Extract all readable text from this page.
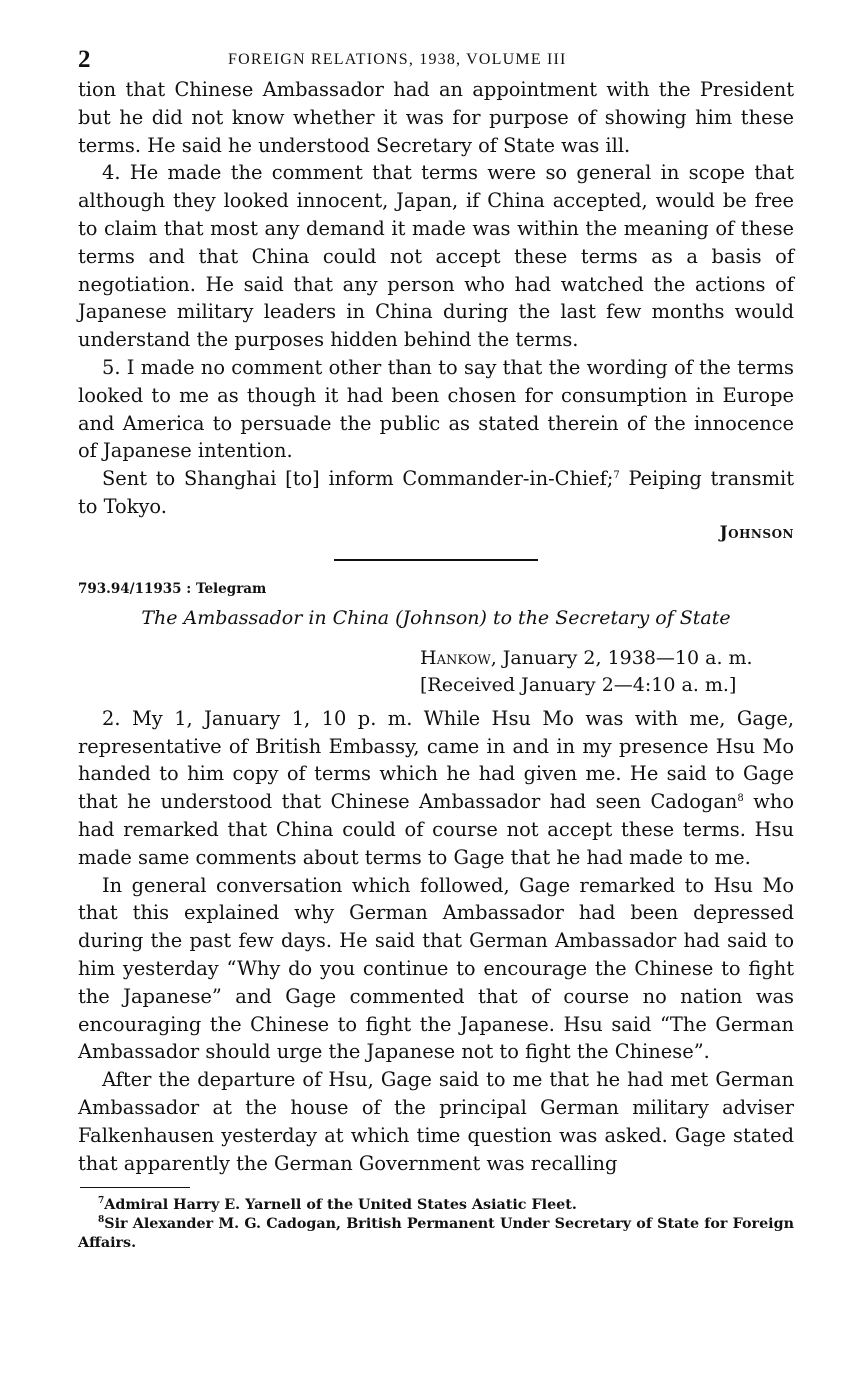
2	FOREIGN RELATIONS, 1938, VOLUME III

tion that Chinese Ambassador had an appointment with the President but he did not know whether it was for purpose of showing him these terms. He said he understood Secretary of State was ill.

4. He made the comment that terms were so general in scope that although they looked innocent, Japan, if China accepted, would be free to claim that most any demand it made was within the meaning of these terms and that China could not accept these terms as a basis of negotiation. He said that any person who had watched the actions of Japanese military leaders in China during the last few months would understand the purposes hidden behind the terms.

5. I made no comment other than to say that the wording of the terms looked to me as though it had been chosen for consumption in Europe and America to persuade the public as stated therein of the innocence of Japanese intention.

Sent to Shanghai [to] inform Commander-in-Chief;$^7$ Peiping transmit to Tokyo.

Johnson

793.94/11935 : Telegram

The Ambassador in China (Johnson) to the Secretary of State

Hankow, January 2, 1938—10 a. m.
[Received January 2—4:10 a. m.]

2. My 1, January 1, 10 p. m. While Hsu Mo was with me, Gage, representative of British Embassy, came in and in my presence Hsu Mo handed to him copy of terms which he had given me. He said to Gage that he understood that Chinese Ambassador had seen Cadogan$^8$ who had remarked that China could of course not accept these terms. Hsu made same comments about terms to Gage that he had made to me.

In general conversation which followed, Gage remarked to Hsu Mo that this explained why German Ambassador had been depressed during the past few days. He said that German Ambassador had said to him yesterday “Why do you continue to encourage the Chinese to fight the Japanese” and Gage commented that of course no nation was encouraging the Chinese to fight the Japanese. Hsu said “The German Ambassador should urge the Japanese not to fight the Chinese”.

After the departure of Hsu, Gage said to me that he had met German Ambassador at the house of the principal German military adviser Falkenhausen yesterday at which time question was asked. Gage stated that apparently the German Government was recalling

$^7$Admiral Harry E. Yarnell of the United States Asiatic Fleet.

$^8$Sir Alexander M. G. Cadogan, British Permanent Under Secretary of State for Foreign Affairs.
